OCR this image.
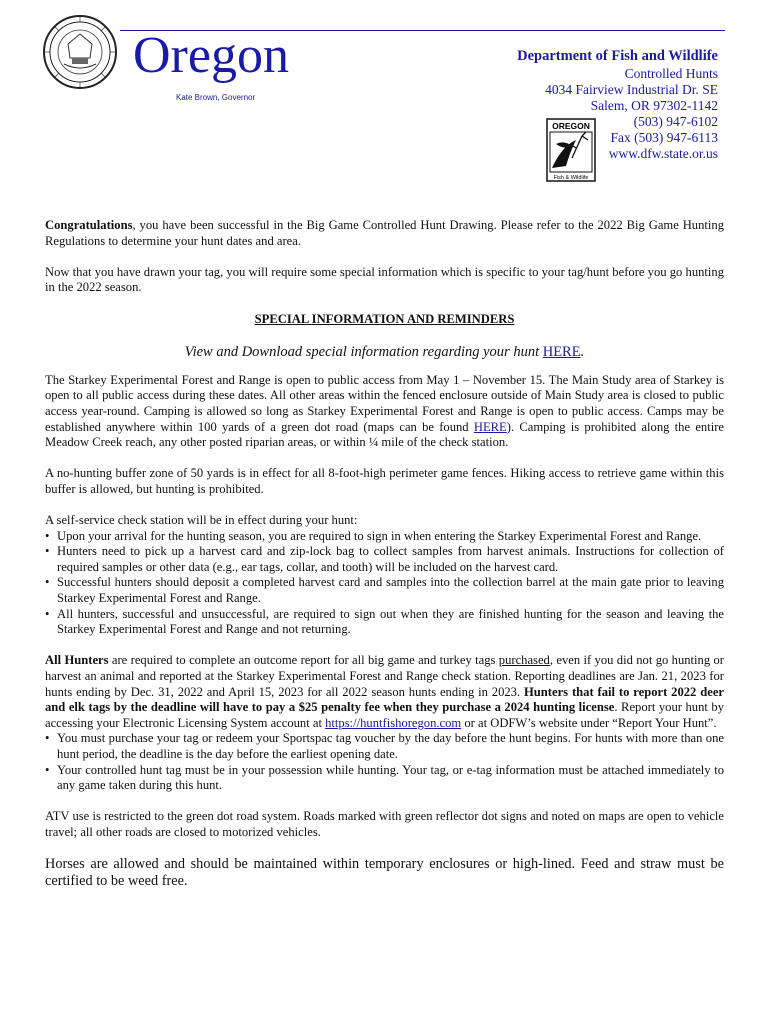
Oregon
Kate Brown, Governor
Department of Fish and Wildlife
Controlled Hunts
4034 Fairview Industrial Dr. SE
Salem, OR 97302-1142
(503) 947-6102
Fax (503) 947-6113
www.dfw.state.or.us
OREGON
Fish & Wildlife

Congratulations, you have been successful in the Big Game Controlled Hunt Drawing. Please refer to the 2022 Big Game Hunting Regulations to determine your hunt dates and area.

Now that you have drawn your tag, you will require some special information which is specific to your tag/hunt before you go hunting in the 2022 season.

SPECIAL INFORMATION AND REMINDERS

View and Download special information regarding your hunt HERE.

The Starkey Experimental Forest and Range is open to public access from May 1 – November 15. The Main Study area of Starkey is open to all public access during these dates. All other areas within the fenced enclosure outside of Main Study area is closed to public access year-round. Camping is allowed so long as Starkey Experimental Forest and Range is open to public access. Camps may be established anywhere within 100 yards of a green dot road (maps can be found HERE). Camping is prohibited along the entire Meadow Creek reach, any other posted riparian areas, or within ¼ mile of the check station.

A no-hunting buffer zone of 50 yards is in effect for all 8-foot-high perimeter game fences. Hiking access to retrieve game within this buffer is allowed, but hunting is prohibited.

A self-service check station will be in effect during your hunt:

• Upon your arrival for the hunting season, you are required to sign in when entering the Starkey Experimental Forest and Range.
• Hunters need to pick up a harvest card and zip-lock bag to collect samples from harvest animals. Instructions for collection of required samples or other data (e.g., ear tags, collar, and tooth) will be included on the harvest card.
• Successful hunters should deposit a completed harvest card and samples into the collection barrel at the main gate prior to leaving Starkey Experimental Forest and Range.
• All hunters, successful and unsuccessful, are required to sign out when they are finished hunting for the season and leaving the Starkey Experimental Forest and Range and not returning.

All Hunters are required to complete an outcome report for all big game and turkey tags purchased, even if you did not go hunting or harvest an animal and reported at the Starkey Experimental Forest and Range check station. Reporting deadlines are Jan. 21, 2023 for hunts ending by Dec. 31, 2022 and April 15, 2023 for all 2022 season hunts ending in 2023. Hunters that fail to report 2022 deer and elk tags by the deadline will have to pay a $25 penalty fee when they purchase a 2024 hunting license. Report your hunt by accessing your Electronic Licensing System account at https://huntfishoregon.com or at ODFW’s website under “Report Your Hunt”.

• You must purchase your tag or redeem your Sportspac tag voucher by the day before the hunt begins. For hunts with more than one hunt period, the deadline is the day before the earliest opening date.
• Your controlled hunt tag must be in your possession while hunting. Your tag, or e-tag information must be attached immediately to any game taken during this hunt.

ATV use is restricted to the green dot road system. Roads marked with green reflector dot signs and noted on maps are open to vehicle travel; all other roads are closed to motorized vehicles.

Horses are allowed and should be maintained within temporary enclosures or high-lined. Feed and straw must be certified to be weed free.
